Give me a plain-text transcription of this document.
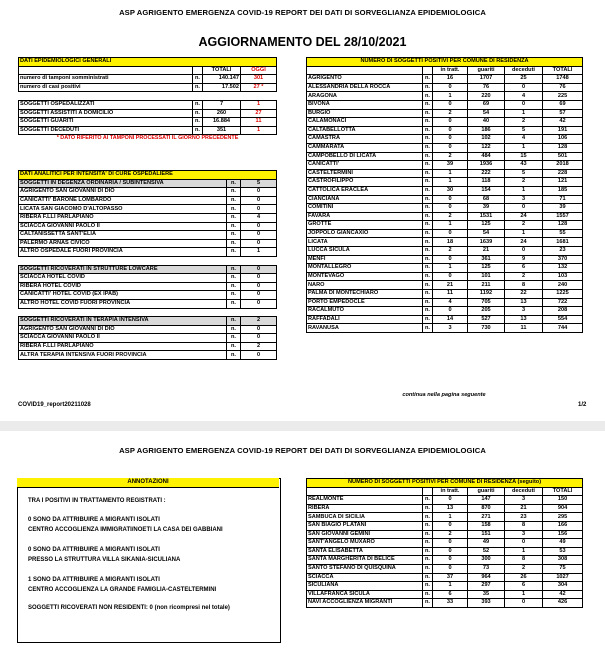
ASP AGRIGENTO EMERGENZA COVID-19 REPORT DEI DATI DI SORVEGLIANZA EPIDEMIOLOGICA
AGGIORNAMENTO DEL 28/10/2021
DATI EPIDEMIOLOGICI GENERALI			
		TOTALI	OGGI
numero di tamponi somministrati	n.	140.147	301
numero di casi positivi	n.	17.502	27 *

SOGGETTI OSPEDALIZZATI	n.	7	1
SOGGETTI ASSISTITI A DOMICILIO	n.	260	27
SOGGETTI GUARITI	n.	16.884	11
SOGGETTI DECEDUTI	n.	351	1
* DATO RIFERITO AI TAMPONI PROCESSATI IL GIORNO PRECEDENTE			
DATI ANALITICI PER INTENSITA' DI CURE OSPEDALIERE		
SOGGETTI IN DEGENZA ORDINARIA / SUBINTENSIVA	n.	5
AGRIGENTO SAN GIOVANNI DI DIO	n.	0
CANICATTI' BARONE LOMBARDO	n.	0
LICATA SAN GIACOMO D'ALTOPASSO	n.	0
RIBERA F.LLI PARLAPIANO	n.	4
SCIACCA GIOVANNI PAOLO II	n.	0
CALTANISSETTA SANT'ELIA	n.	0
PALERMO ARNAS CIVICO	n.	0
ALTRO OSPEDALE FUORI PROVINCIA	n.	1

SOGGETTI RICOVERATI IN STRUTTURE LOWCARE	n.	0
SCIACCA HOTEL COVID	n.	0
RIBERA HOTEL COVID	n.	0
CANICATTI' HOTEL COVID (EX IPAB)	n.	0
ALTRO HOTEL COVID FUORI PROVINCIA	n.	0

SOGGETTI RICOVERATI IN TERAPIA INTENSIVA	n.	2
AGRIGENTO SAN GIOVANNI DI DIO	n.	0
SCIACCA GIOVANNI PAOLO II	n.	0
RIBERA F.LLI PARLAPIANO	n.	2
ALTRA TERAPIA INTENSIVA FUORI PROVINCIA	n.	0
NUMERO DI SOGGETTI POSITIVI PER COMUNE DI RESIDENZA					
		in tratt.	guariti	deceduti	TOTALI
AGRIGENTO	n.	16	1707	25	1748
ALESSANDRIA DELLA ROCCA	n.	0	76	0	76
ARAGONA	n.	1	220	4	225
BIVONA	n.	0	69	0	69
BURGIO	n.	2	54	1	57
CALAMONACI	n.	0	40	2	42
CALTABELLOTTA	n.	0	186	5	191
CAMASTRA	n.	0	102	4	106
CAMMARATA	n.	0	122	1	128
CAMPOBELLO DI LICATA	n.	2	484	15	501
CANICATTI'	n.	39	1936	43	2018
CASTELTERMINI	n.	1	222	5	228
CASTROFILIPPO	n.	1	118	2	121
CATTOLICA ERACLEA	n.	30	154	1	185
CIANCIANA	n.	0	68	3	71
COMITINI	n.	0	39	0	39
FAVARA	n.	2	1531	24	1557
GROTTE	n.	1	125	2	128
JOPPOLO GIANCAXIO	n.	0	54	1	55
LICATA	n.	18	1639	24	1681
LUCCA SICULA	n.	2	21	0	23
MENFI	n.	0	361	9	370
MONTALLEGRO	n.	1	125	6	132
MONTEVAGO	n.	0	101	2	103
NARO	n.	21	211	8	240
PALMA DI MONTECHIARO	n.	11	1192	22	1225
PORTO EMPEDOCLE	n.	4	705	13	722
RACALMUTO	n.	0	205	3	208
RAFFADALI	n.	14	527	13	554
RAVANUSA	n.	3	730	11	744
continua nella pagina seguente
COVID19_report20211028	1/2
ASP AGRIGENTO EMERGENZA COVID-19 REPORT DEI DATI DI SORVEGLIANZA EPIDEMIOLOGICA
ANNOTAZIONI
TRA I POSITIVI IN TRATTAMENTO REGISTRATI :
0 SONO DA ATTRIBUIRE A MIGRANTI ISOLATI
CENTRO ACCOGLIENZA IMMIGRATI/NOETI LA CASA DEI GABBIANI
0 SONO DA ATTRIBUIRE A MIGRANTI ISOLATI
PRESSO LA STRUTTURA VILLA SIKANIA-SICULIANA
1 SONO DA ATTRIBUIRE A MIGRANTI ISOLATI
CENTRO ACCOGLIENZA LA GRANDE FAMIGLIA-CASTELTERMINI
SOGGETTI RICOVERATI NON RESIDENTI: 0 (non ricompresi nel totale)
NUMERO DI SOGGETTI POSITIVI PER COMUNE DI RESIDENZA (seguito)					
		in tratt.	guariti	deceduti	TOTALI
REALMONTE	n.	0	147	3	150
RIBERA	n.	13	870	21	904
SAMBUCA DI SICILIA	n.	1	271	23	295
SAN BIAGIO PLATANI	n.	0	158	8	166
SAN GIOVANNI GEMINI	n.	2	151	3	156
SANT'ANGELO MUXARO	n.	0	49	0	49
SANTA ELISABETTA	n.	0	52	1	53
SANTA MARGHERITA DI BELICE	n.	0	300	8	308
SANTO STEFANO DI QUISQUINA	n.	0	73	2	75
SCIACCA	n.	37	964	26	1027
SICULIANA	n.	1	297	6	304
VILLAFRANCA SICULA	n.	6	35	1	42
NAVI ACCOGLIENZA MIGRANTI	n.	33	393	0	426
